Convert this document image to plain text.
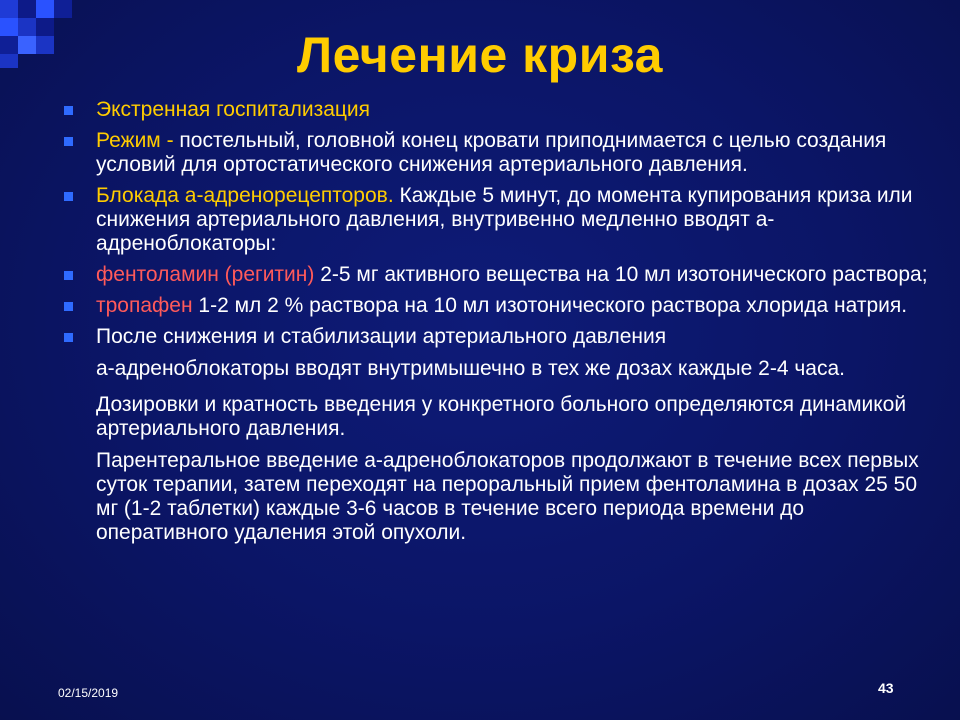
Лечение криза
Экстренная госпитализация
Режим - постельный, головной конец кровати приподнимается с целью создания условий для ортостатического снижения артериального давления.
Блокада а-адренорецепторов. Каждые 5 минут, до момента купирования криза или снижения артериального давления, внутривенно медленно вводят а-адреноблокаторы:
фентоламин (регитин) 2-5 мг активного вещества на 10 мл изотонического раствора;
тропафен 1-2 мл 2 % раствора на 10 мл изотонического раствора хлорида натрия.
После снижения и стабилизации артериального давления
а-адреноблокаторы вводят внутримышечно в тех же дозах каждые 2-4 часа.
Дозировки и кратность введения у конкретного больного определяются динамикой артериального давления.
Парентеральное введение а-адреноблокаторов продолжают в течение всех первых суток терапии, затем переходят на пероральный прием фентоламина в дозах 25 50 мг (1-2 таблетки) каждые 3-6 часов в течение всего периода времени до оперативного удаления этой опухоли.
02/15/2019	43
